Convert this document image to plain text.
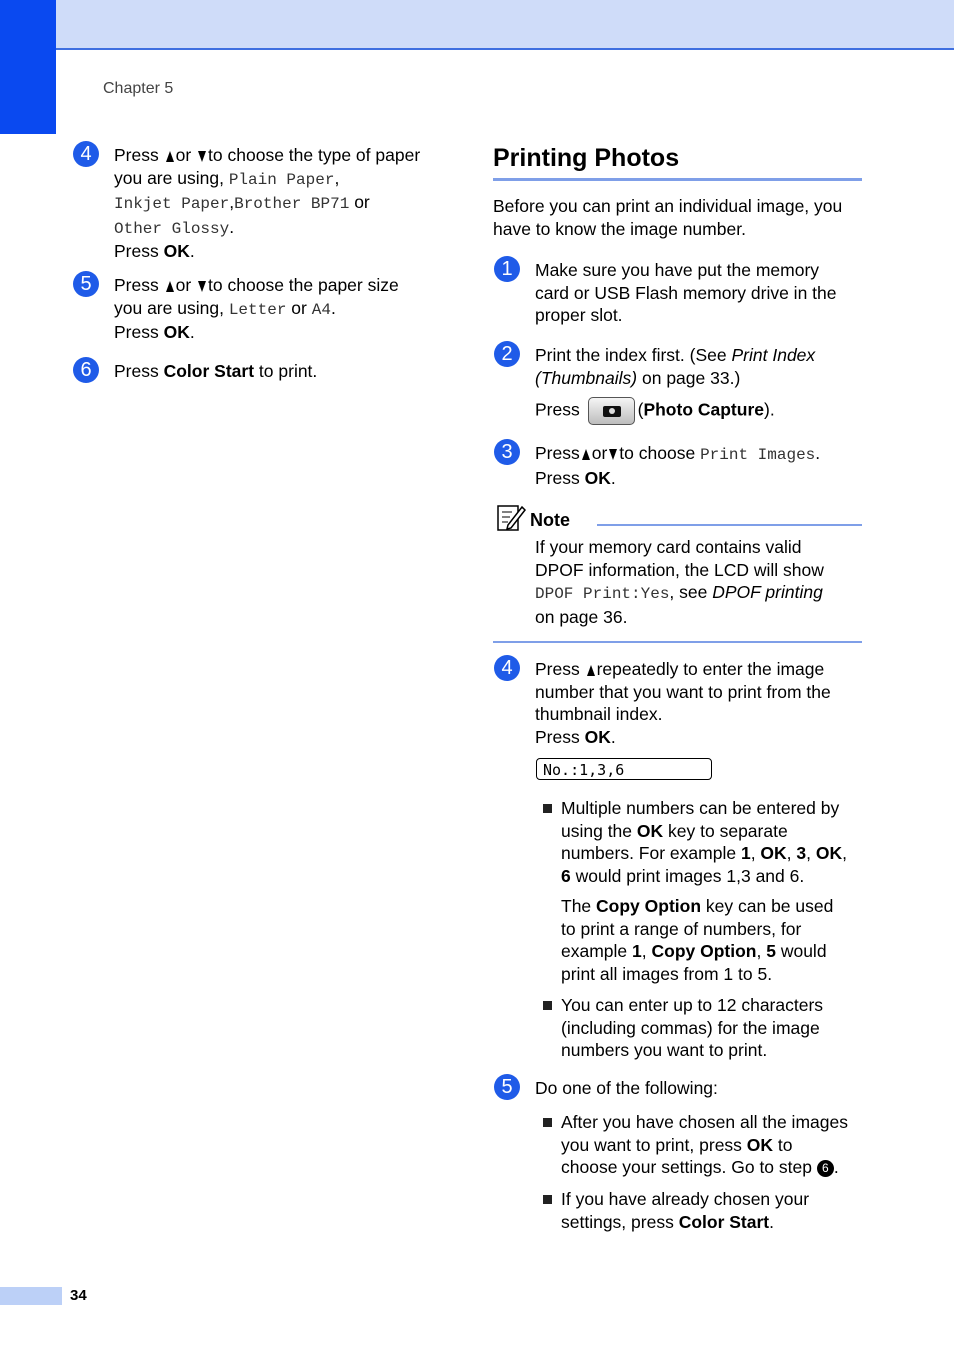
Chapter 5
4	Press or to choose the type of paper
you are using, Plain Paper,
Inkjet Paper,Brother BP71 or
Other Glossy.
Press OK.
5	Press or to choose the paper size
you are using, Letter or A4.
Press OK.
6	Press Color Start to print.
Printing Photos
Before you can print an individual image, you
have to know the image number.
1	Make sure you have put the memory
card or USB Flash memory drive in the
proper slot.
2	Print the index first. (See Print Index
(Thumbnails) on page 33.)
Press	(Photo Capture).
3	Press or to choose Print Images.
Press OK.
Note
If your memory card contains valid
DPOF information, the LCD will show
DPOF Print:Yes, see DPOF printing
on page 36.
4	Press repeatedly to enter the image
number that you want to print from the
thumbnail index.
Press OK.
No.:1,3,6
Multiple numbers can be entered by
using the OK key to separate
numbers. For example 1, OK, 3, OK,
6 would print images 1,3 and 6.
The Copy Option key can be used
to print a range of numbers, for
example 1, Copy Option, 5 would
print all images from 1 to 5.
You can enter up to 12 characters
(including commas) for the image
numbers you want to print.
5	Do one of the following:
After you have chosen all the images
you want to print, press OK to
choose your settings. Go to step 6 .
If you have already chosen your
settings, press Color Start.
34
